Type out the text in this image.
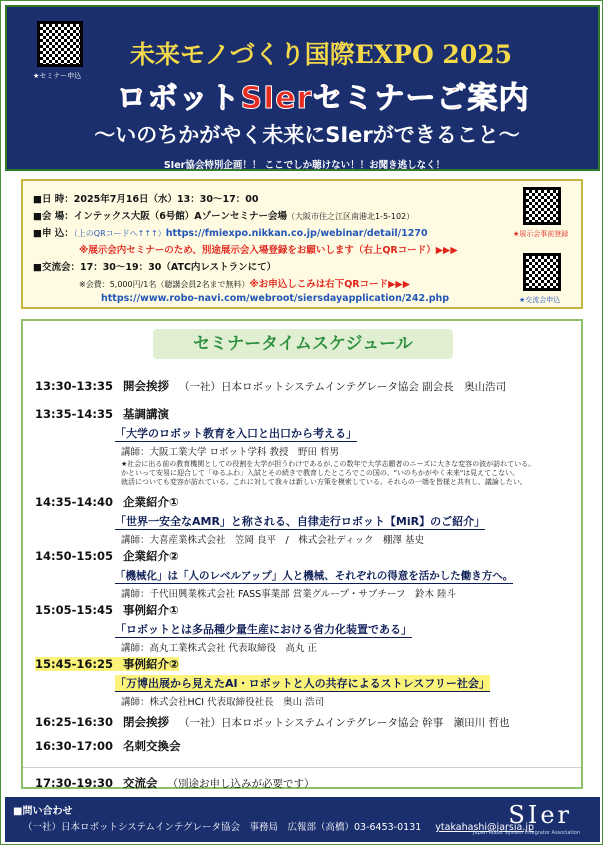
★セミナー申込
未来モノづくり国際EXPO 2025
ロボットSIerセミナーご案内
〜いのちかがやく未来にSIerができること〜
SIer協会特別企画！！ ここでしか聴けない！！お聞き逃しなく！
■日 時：2025年7月16日（水）13：30〜17：00
■会 場：インテックス大阪（6号館）Aゾーンセミナー会場（大阪市住之江区南港北1-5-102）
■申 込：（上のQRコードへ↑↑↑）https://fmiexpo.nikkan.co.jp/webinar/detail/1270
※展示会内セミナーのため、別途展示会入場登録をお願いします（右上QRコード）▶▶▶
■交流会：17：30〜19：30（ATC内レストランにて）
※会費：5,000円/1名（聴講会員2名まで無料）※お申込しこみは右下QRコード▶▶▶
https://www.robo-navi.com/webroot/siersdayapplication/242.php
★展示会事前登録
★交流会申込
セミナータイムスケジュール
13:30-13:35 開会挨拶 （一社）日本ロボットシステムインテグレータ協会 副会長　奥山浩司
13:35-14:35 基調講演
「大学のロボット教育を入口と出口から考える」
講師：大阪工業大学 ロボット学科 教授　野田 哲男
★社会に出る前の教育機関としての役割を大学が担うわけであるが,この数年で大学志願者のニーズに大きな変容の波が訪れている。
かといって安易に迎合して「ゆるふわ」入試とその続きで教育したところでこの国の、"いのちかがやく未来"は見えてこない。
就活についても変容が訪れている。これに対して我々は新しい方策を模索している。それらの一端を皆様と共有し、議論したい。
14:35-14:40 企業紹介①
「世界一安全なAMR」と称される、自律走行ロボット【MiR】のご紹介」
講師：大喜産業株式会社　笠岡 良平　/　株式会社ディック　棚澤 基史
14:50-15:05 企業紹介②
「機械化」は「人のレベルアップ」人と機械、それぞれの得意を活かした働き方へ。
講師：千代田興業株式会社 FASS事業部 営業グループ・サブチーフ　鈴木 陸斗
15:05-15:45 事例紹介①
「ロボットとは多品種少量生産における省力化装置である」
講師：高丸工業株式会社 代表取締役　高丸 正
15:45-16:25 事例紹介②
「万博出展から見えたAI・ロボットと人の共存によるストレスフリー社会」
講師：株式会社HCI 代表取締役社長　奥山 浩司
16:25-16:30 閉会挨拶 （一社）日本ロボットシステムインテグレータ協会 幹事　瀬田川 哲也
16:30-17:00 名刺交換会
17:30-19:30 交流会 （別途お申し込みが必要です）
■問い合わせ
（一社）日本ロボットシステムインテグレータ協会　事務局　広報部（高橋）03-6453-0131 ytakahashi@jarsia.jp
SIer
Japan Robot System Integrator Association
